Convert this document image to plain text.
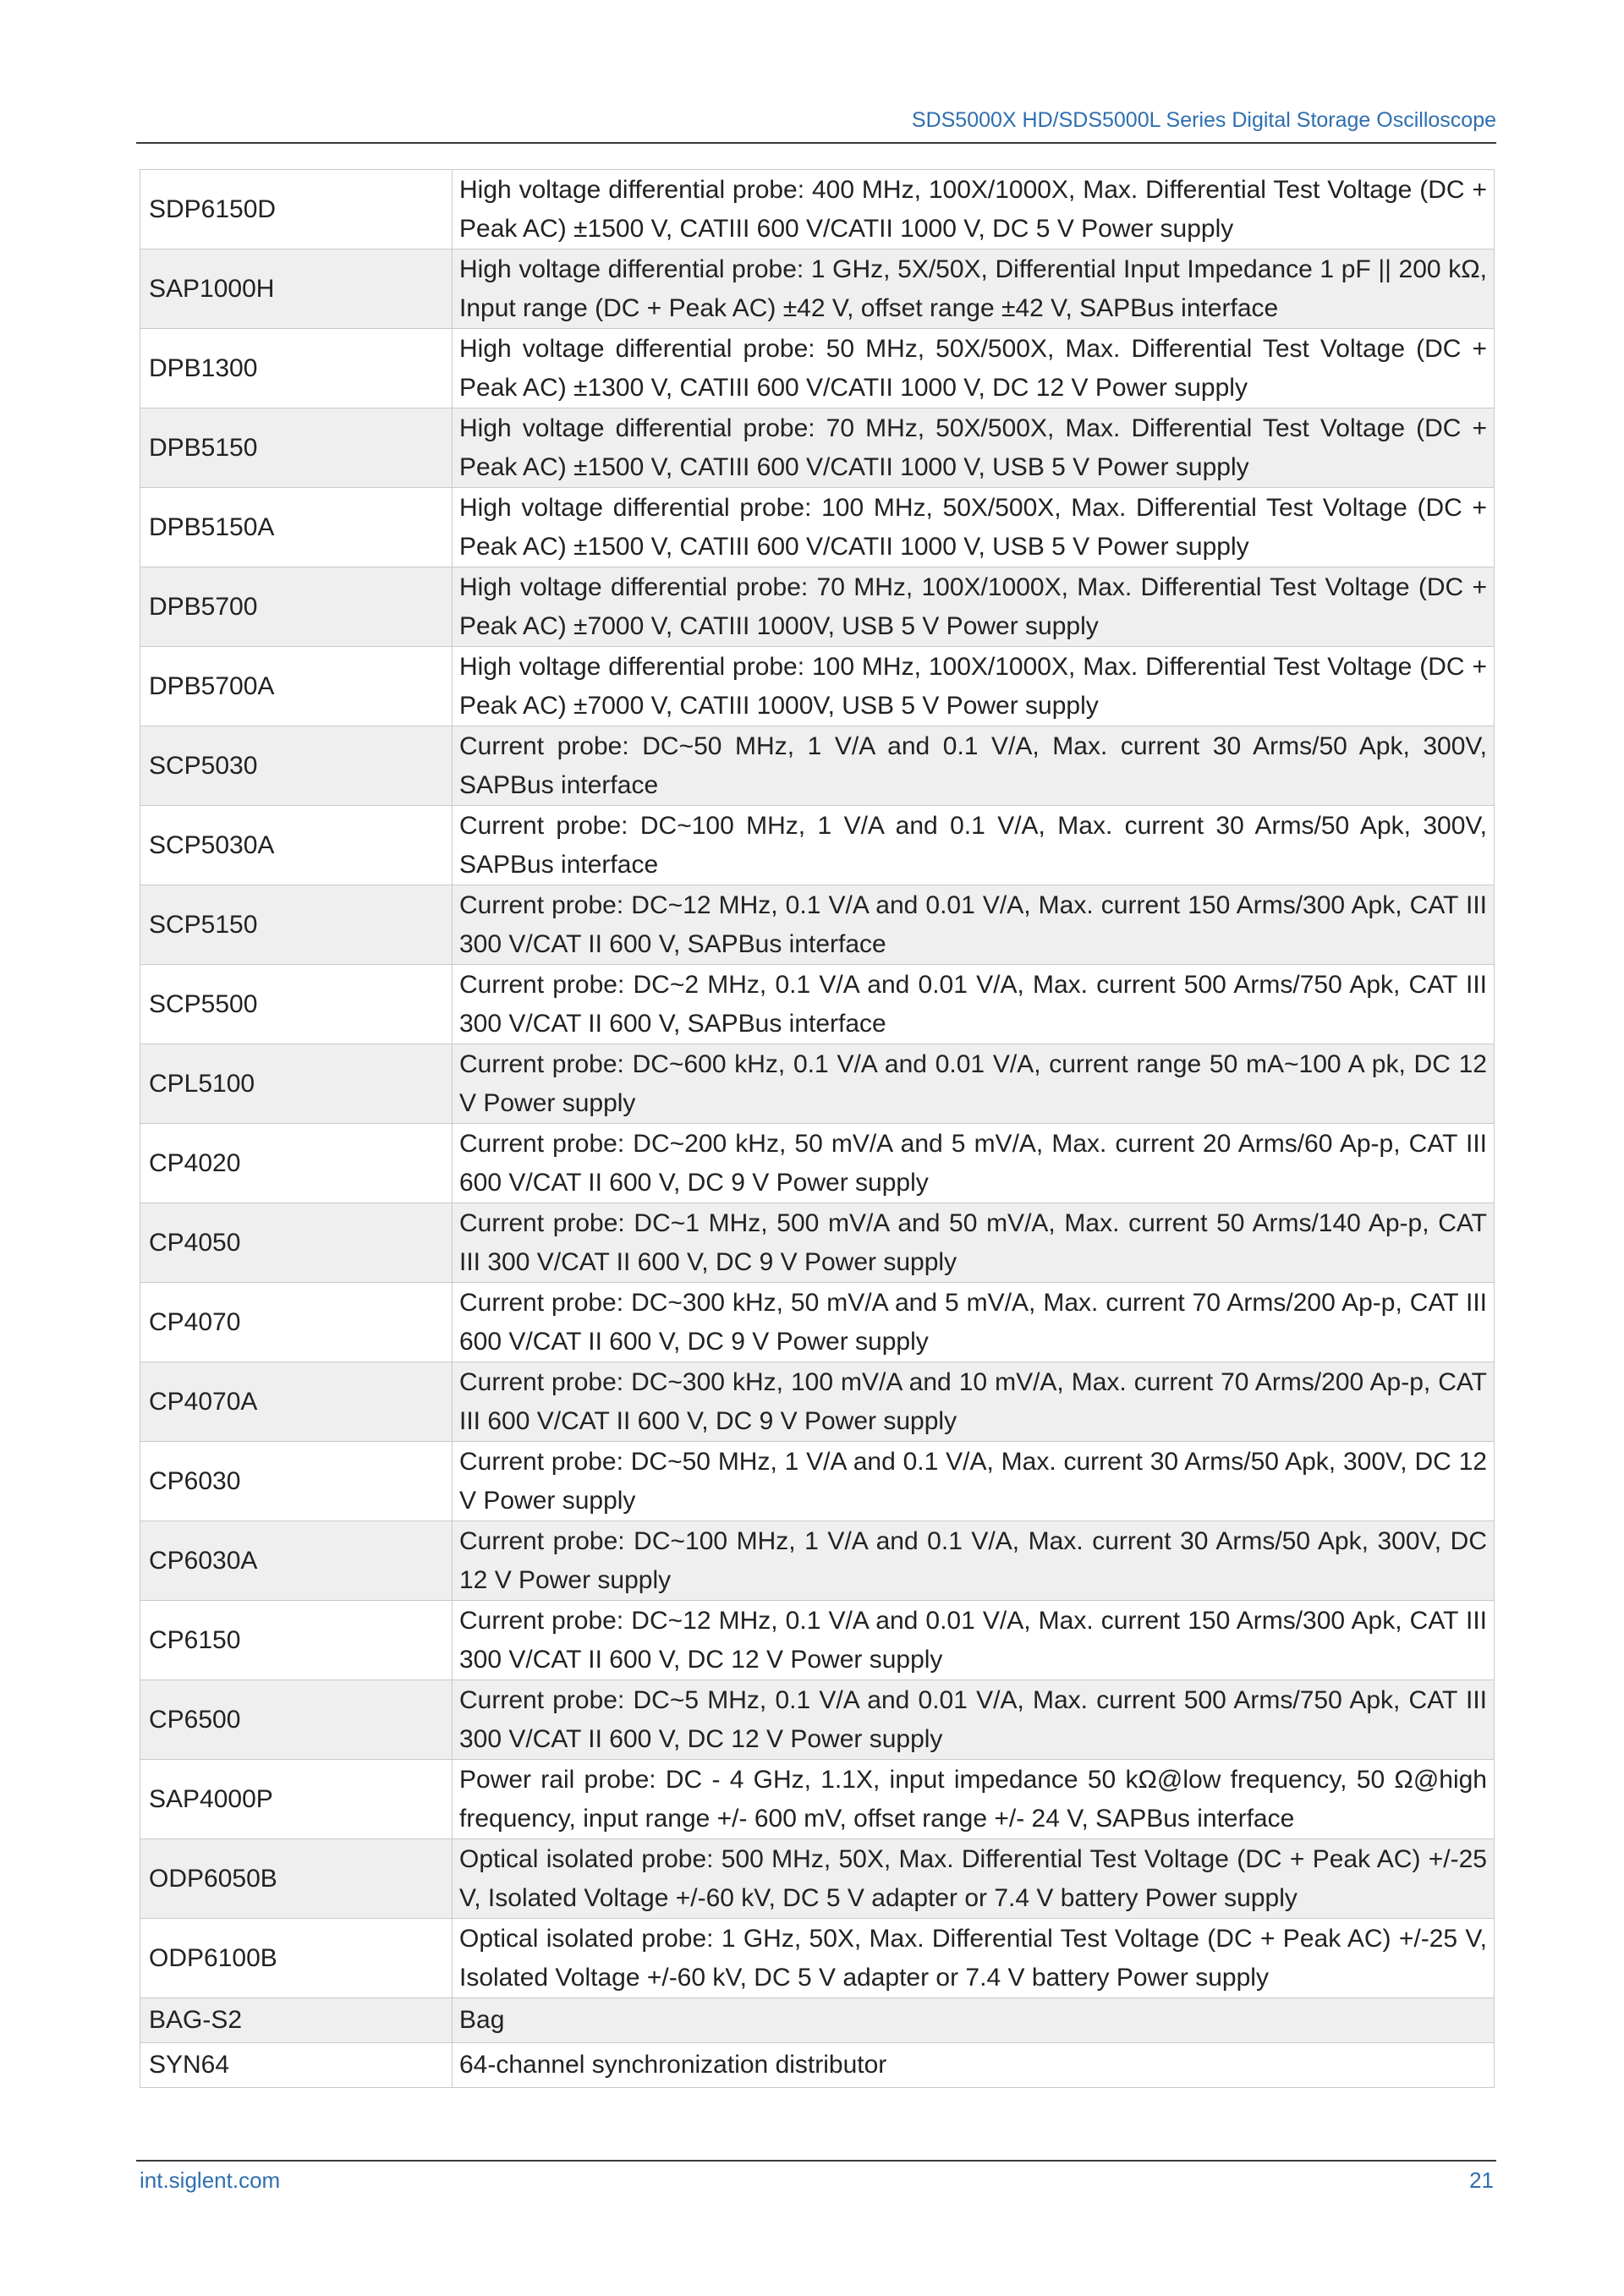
SDS5000X HD/SDS5000L Series Digital Storage Oscilloscope
SDP6150D	High voltage differential probe: 400 MHz, 100X/1000X, Max. Differential Test Voltage (DC + Peak AC) ±1500 V, CATIII 600 V/CATII 1000 V, DC 5 V Power supply
SAP1000H	High voltage differential probe: 1 GHz, 5X/50X, Differential Input Impedance 1 pF || 200 kΩ, Input range (DC + Peak AC) ±42 V, offset range ±42 V, SAPBus interface
DPB1300	High voltage differential probe: 50 MHz, 50X/500X, Max. Differential Test Voltage (DC + Peak AC) ±1300 V, CATIII 600 V/CATII 1000 V, DC 12 V Power supply
DPB5150	High voltage differential probe: 70 MHz, 50X/500X, Max. Differential Test Voltage (DC + Peak AC) ±1500 V, CATIII 600 V/CATII 1000 V, USB 5 V Power supply
DPB5150A	High voltage differential probe: 100 MHz, 50X/500X, Max. Differential Test Voltage (DC + Peak AC) ±1500 V, CATIII 600 V/CATII 1000 V, USB 5 V Power supply
DPB5700	High voltage differential probe: 70 MHz, 100X/1000X, Max. Differential Test Voltage (DC + Peak AC) ±7000 V, CATIII 1000V, USB 5 V Power supply
DPB5700A	High voltage differential probe: 100 MHz, 100X/1000X, Max. Differential Test Voltage (DC + Peak AC) ±7000 V, CATIII 1000V, USB 5 V Power supply
SCP5030	Current probe: DC~50 MHz, 1 V/A and 0.1 V/A, Max. current 30 Arms/50 Apk, 300V, SAPBus interface
SCP5030A	Current probe: DC~100 MHz, 1 V/A and 0.1 V/A, Max. current 30 Arms/50 Apk, 300V, SAPBus interface
SCP5150	Current probe: DC~12 MHz, 0.1 V/A and 0.01 V/A, Max. current 150 Arms/300 Apk, CAT III 300 V/CAT II 600 V, SAPBus interface
SCP5500	Current probe: DC~2 MHz, 0.1 V/A and 0.01 V/A, Max. current 500 Arms/750 Apk, CAT III 300 V/CAT II 600 V, SAPBus interface
CPL5100	Current probe: DC~600 kHz, 0.1 V/A and 0.01 V/A, current range 50 mA~100 A pk, DC 12 V Power supply
CP4020	Current probe: DC~200 kHz, 50 mV/A and 5 mV/A, Max. current 20 Arms/60 Ap-p, CAT III 600 V/CAT II 600 V, DC 9 V Power supply
CP4050	Current probe: DC~1 MHz, 500 mV/A and 50 mV/A, Max. current 50 Arms/140 Ap-p, CAT III 300 V/CAT II 600 V, DC 9 V Power supply
CP4070	Current probe: DC~300 kHz, 50 mV/A and 5 mV/A, Max. current 70 Arms/200 Ap-p, CAT III 600 V/CAT II 600 V, DC 9 V Power supply
CP4070A	Current probe: DC~300 kHz, 100 mV/A and 10 mV/A, Max. current 70 Arms/200 Ap-p, CAT III 600 V/CAT II 600 V, DC 9 V Power supply
CP6030	Current probe: DC~50 MHz, 1 V/A and 0.1 V/A, Max. current 30 Arms/50 Apk, 300V, DC 12 V Power supply
CP6030A	Current probe: DC~100 MHz, 1 V/A and 0.1 V/A, Max. current 30 Arms/50 Apk, 300V, DC 12 V Power supply
CP6150	Current probe: DC~12 MHz, 0.1 V/A and 0.01 V/A, Max. current 150 Arms/300 Apk, CAT III 300 V/CAT II 600 V, DC 12 V Power supply
CP6500	Current probe: DC~5 MHz, 0.1 V/A and 0.01 V/A, Max. current 500 Arms/750 Apk, CAT III 300 V/CAT II 600 V, DC 12 V Power supply
SAP4000P	Power rail probe: DC - 4 GHz, 1.1X, input impedance 50 kΩ@low frequency, 50 Ω@high frequency, input range +/- 600 mV, offset range +/- 24 V, SAPBus interface
ODP6050B	Optical isolated probe: 500 MHz, 50X, Max. Differential Test Voltage (DC + Peak AC) +/-25 V, Isolated Voltage +/-60 kV, DC 5 V adapter or 7.4 V battery Power supply
ODP6100B	Optical isolated probe: 1 GHz, 50X, Max. Differential Test Voltage (DC + Peak AC) +/-25 V, Isolated Voltage +/-60 kV, DC 5 V adapter or 7.4 V battery Power supply
BAG-S2	Bag
SYN64	64-channel synchronization distributor
int.siglent.com	21
